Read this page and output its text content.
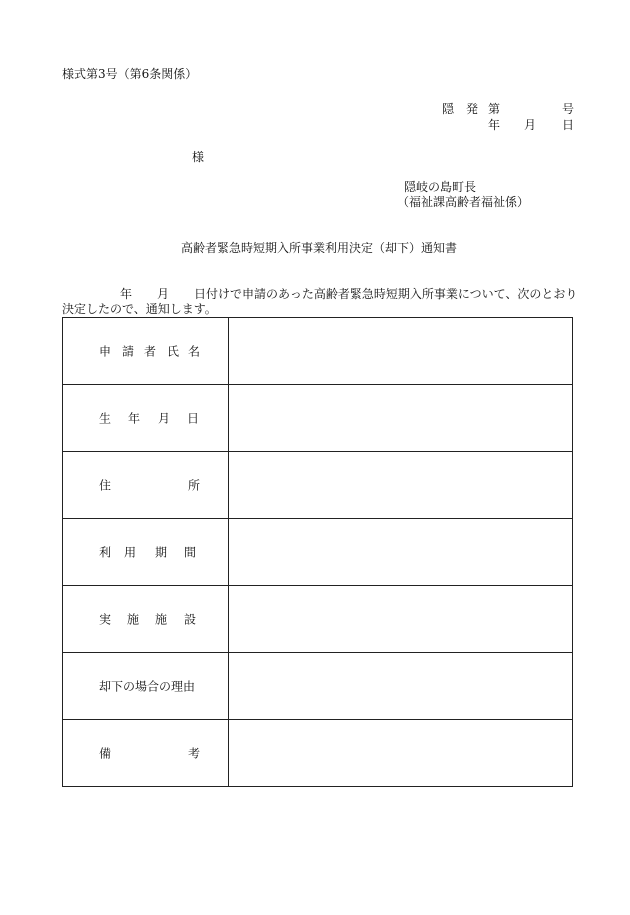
様式第3号（第6条関係）
隠　発 第	号
年 月 日
様
隠岐の島町長
（福祉課高齢者福祉係）
高齢者緊急時短期入所事業利用決定（却下）通知書
年 月 日付けで申請のあった高齢者緊急時短期入所事業について、次のとおり
決定したので、通知します。
申 請 者 氏 名	

生 年 月 日	

住 所	

利 用 期 間	

実 施 施 設	

却下の場合の理由	

備 考	
